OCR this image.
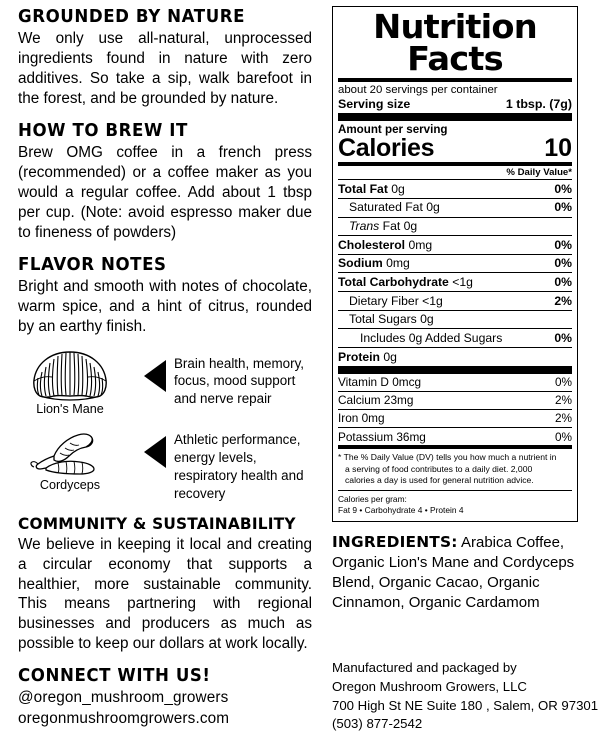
GROUNDED BY NATURE

We only use all-natural, unprocessed ingredients found in nature with zero additives. So take a sip, walk barefoot in the forest, and be grounded by nature.

HOW TO BREW IT

Brew OMG coffee in a french press (recommended) or a coffee maker as you would a regular coffee. Add about 1 tbsp per cup. (Note: avoid espresso maker due to fineness of powders)

FLAVOR NOTES

Bright and smooth with notes of chocolate, warm spice, and a hint of citrus, rounded by an earthy finish.

Lion's Mane
Brain health, memory, focus, mood support and nerve repair
Cordyceps
Athletic performance, energy levels, respiratory health and recovery
COMMUNITY & SUSTAINABILITY

We believe in keeping it local and creating a circular economy that supports a healthier, more sustainable community. This means partnering with regional businesses and producers as much as possible to keep our dollars at work locally.

CONNECT WITH US!
@oregon_mushroom_growers
oregonmushroomgrowers.com
Nutrition Facts
about 20 servings per container
Serving size	1 tbsp. (7g)
Amount per serving
Calories	10
% Daily Value*
Total Fat 0g	0%
Saturated Fat 0g	0%
Trans Fat 0g
Cholesterol 0mg	0%
Sodium 0mg	0%
Total Carbohydrate <1g	0%
Dietary Fiber <1g	2%
Total Sugars 0g
Includes 0g Added Sugars	0%
Protein 0g
Vitamin D 0mcg	0%
Calcium 23mg	2%
Iron 0mg	2%
Potassium 36mg	0%
* The % Daily Value (DV) tells you how much a nutrient in
a serving of food contributes to a daily diet. 2,000
calories a day is used for general nutrition advice.
Calories per gram:
Fat 9 • Carbohydrate 4 • Protein 4
INGREDIENTS: Arabica Coffee, Organic Lion's Mane and Cordyceps Blend, Organic Cacao, Organic Cinnamon, Organic Cardamom
Manufactured and packaged by
Oregon Mushroom Growers, LLC
700 High St NE Suite 180 , Salem, OR 97301
(503) 877-2542
